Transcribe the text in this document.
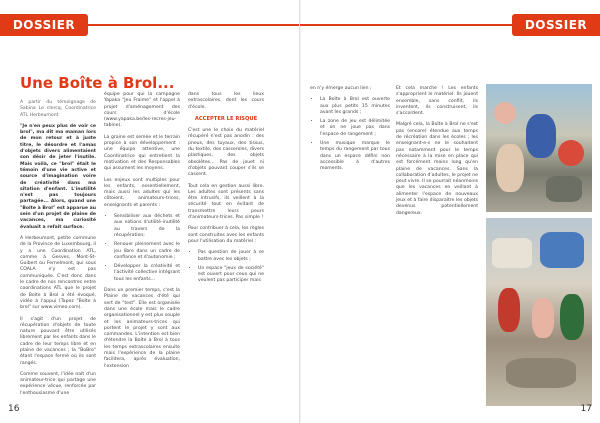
DOSSIER
Une Boîte à Brol...

A partir du témoignage de Sabina Le clercq, Coordinatrice ATL Herbeumont

"Je n'en peux plus de voir ce brol", ma dit ma maman lors de mon retour et à juste titre, le désordre et l'amas d'objets divers alimentaient son désir de jeter l'inutile. Mais voilà, ce "brol" était le témoin d'une vie active et source d'imagination voire de créativité dans ma sitation d'enfant. L'inutilité n'est pas toujours partagée... Alors, quand une "Boîte à Brol" est apparue au sein d'un projet de plaine de vacances, ma curiosité évaluait a refait surface.

A Herbeumont, petite commune de la Province de Luxembourg, il y a une Coordination ATL, comme à Gesves, Mont-St-Guibert ou Fernelmont, qui sous COALA n'y est pas communiquée. C'est donc dans le cadre de nos rencontres entre coordinations ATL que le projet de Boîte à Brol a été évoqué, vidéo à l'appui (Tapez "Boîte à brol" sur www.vimeo.com).

Il s'agit d'un projet de récupération d'objets de toute nature pouvant être utilisés librement par les enfants dans le cadre de leur temps libre et en plaine de vacances ; la "BoBro" étant l'espace fermé où ils sont rangés.

Comme souvent, l'idée naît d'un animateur-trice qui partage une expérience vécue, renforcée par l'enthousiasme d'une

équipe pour qui la campagne Yapaka "Jeu Fraime" et l'appel à projet d'aménagement des cours d'école (www.yapaka.be/les-recres-jeu-tabine).

La graine est semée et le terrain propice à son développement : une équipe attentive, une Coordinatrice qui entretient la motivation et des Responsables qui assument les moyens.

Les enjeux sont multiples pour les enfants, essentiellement, mais aussi les adultes qui les côtoient, animateurs-trices, enseignants et parents :

• Sensibiliser aux déchets et aux notions d'utilité-inutilité au travers de la récupération;
• Renouer pleinement avec le jeu libre dans un cadre de confiance et d'autonomie ;
• Développer la créativité et l'activité collective intégrant tous les enfants…

Dans un premier temps, c'est la Plaine de vacances d'été qui sert de "test". Elle est organisée dans une école mais le cadre organisationnel y est plus souple et les animateurs-trices qui portent le projet y sont aux commandes. L'intention est bien d'étendre la Boîte à Brol à tous les temps extrascolaires ensuite mais l'expérience de la plaine facilitera, après évaluation, l'extension

dans tous les lieux extrascolaires, dont les cours d'école.

ACCEPTER LE RISQUE

C'est une le choix du matériel récupéré n'est pas anodin : des pneus, des tuyaux, des tissus, du textile, des casseroles, divers plastiques, des objets obsolètes… Pas de jouet ni d'objets pouvant couper s'ils se cassent.

Tout cela en gestion aussi libre. Les adultes sont présents sans être intrusifs, ils veillent à la sécurité tout en évitant de transmettre leurs peurs d'animateurs-trices. Pas simple !

Pour contribuer à cela, les règles sont construites avec les enfants pour l'utilisation du matériel :

• Pas question de jouer à se battre avec les objets ;
• Un espace "jeux de société" est ouvert pour ceux qui ne veulent pas participer mais
16
DOSSIER

en n'y émerge aucun lien ;

• La Boîte à Brol est ouverte aux plus petits 15 minutes avant les grands ;
• La zone de jeu est délimitée et on ne joue pas dans l'espace de rangement ;
• Une musique marque le temps du rangement par tous dans un espace défini non accessible à d'autres moments.

Et cela marche ! Les enfants s'approprient le matériel. Ils jouent ensemble, sans conflit, ils inventent, ils construisent, ils s'accordent.

Malgré cela, la Boîte à Brol ne s'est pas (encore) étendue aux temps de récréation dans les écoles ; les enseignant-e-s ne le souhaitent pas notamment pour le temps nécessaire à la mise en place qui est forcément moins long qu'en plaine de vacances. Sans la collaboration d'adultes, le projet ne peut vivre. Il se pourrait néanmoins que les vacances en veillant à alimenter l'espace de nouveaux jeux et à faire disparaître les objets devenus potentiellement dangereux.

17
